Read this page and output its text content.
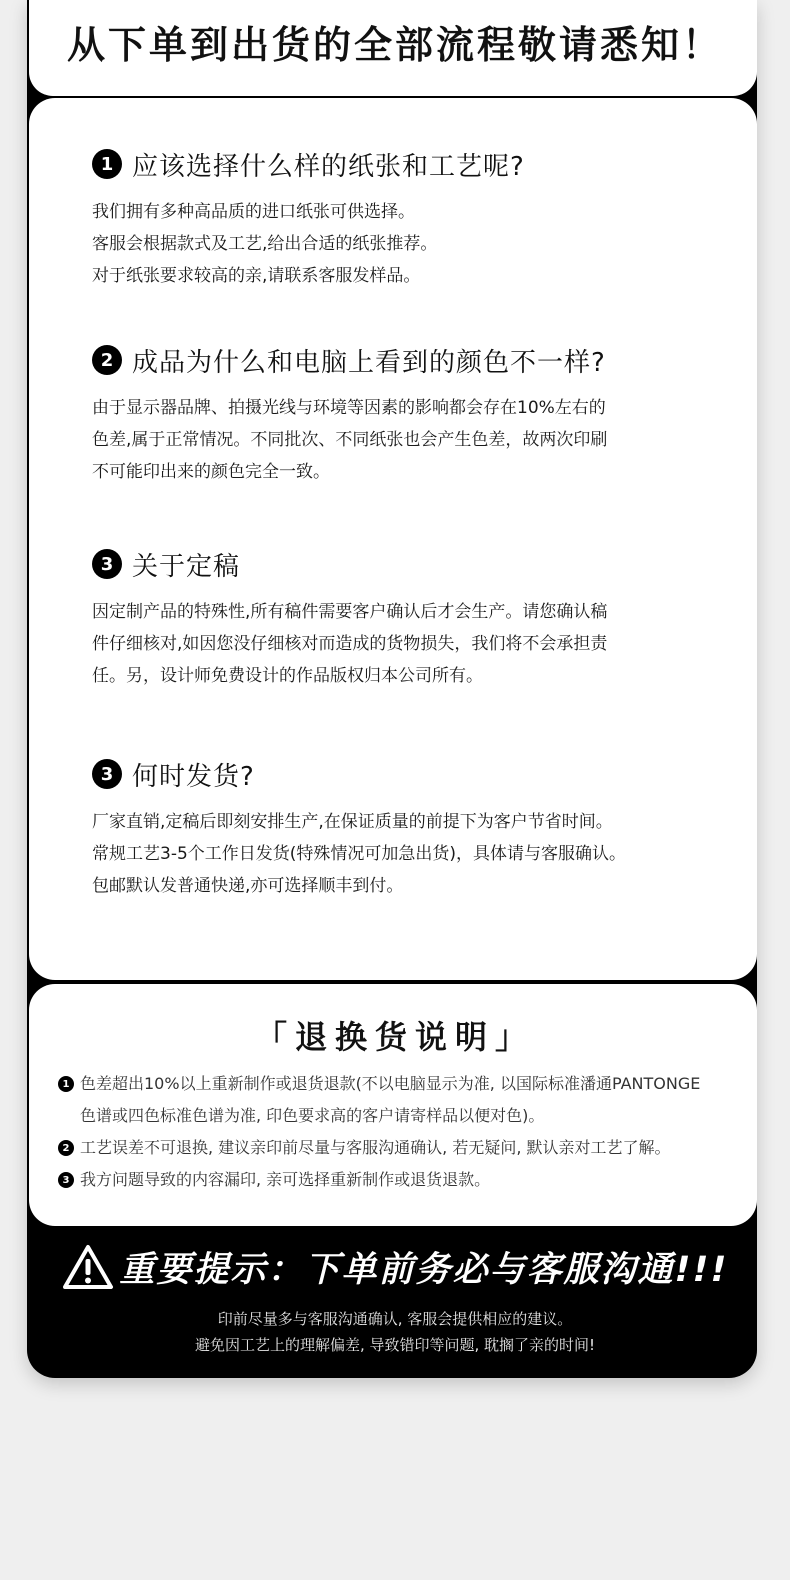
从下单到出货的全部流程敬请悉知！
1 应该选择什么样的纸张和工艺呢?
我们拥有多种高品质的进口纸张可供选择。
客服会根据款式及工艺,给出合适的纸张推荐。
对于纸张要求较高的亲,请联系客服发样品。
2 成品为什么和电脑上看到的颜色不一样?
由于显示器品牌、拍摄光线与环境等因素的影响都会存在10%左右的
色差,属于正常情况。不同批次、不同纸张也会产生色差，故两次印刷
不可能印出来的颜色完全一致。
3 关于定稿
因定制产品的特殊性,所有稿件需要客户确认后才会生产。请您确认稿
件仔细核对,如因您没仔细核对而造成的货物损失，我们将不会承担责
任。另，设计师免费设计的作品版权归本公司所有。
3 何时发货?
厂家直销,定稿后即刻安排生产,在保证质量的前提下为客户节省时间。
常规工艺3-5个工作日发货(特殊情况可加急出货)，具体请与客服确认。
包邮默认发普通快递,亦可选择顺丰到付。
「退换货说明」
1 色差超出10%以上重新制作或退货退款(不以电脑显示为准, 以国际标准潘通PANTONGE
色谱或四色标准色谱为准, 印色要求高的客户请寄样品以便对色)。
2 工艺误差不可退换, 建议亲印前尽量与客服沟通确认, 若无疑问, 默认亲对工艺了解。
3 我方问题导致的内容漏印, 亲可选择重新制作或退货退款。
重要提示：下单前务必与客服沟通!!!
印前尽量多与客服沟通确认, 客服会提供相应的建议。
避免因工艺上的理解偏差, 导致错印等问题, 耽搁了亲的时间!
